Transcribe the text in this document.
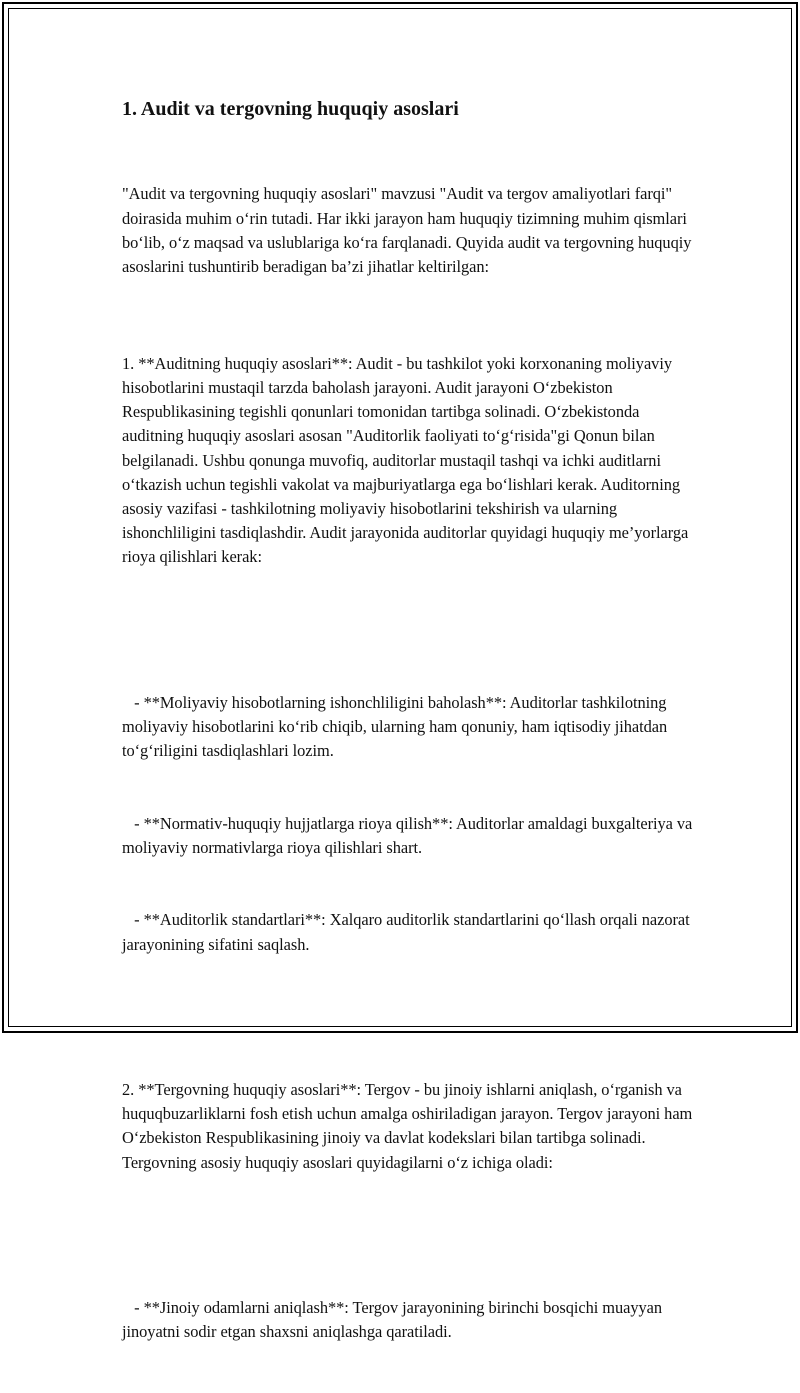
1. Audit va tergovning huquqiy asoslari

"Audit va tergovning huquqiy asoslari" mavzusi "Audit va tergov amaliyotlari farqi" doirasida muhim o‘rin tutadi. Har ikki jarayon ham huquqiy tizimning muhim qismlari bo‘lib, o‘z maqsad va uslublariga ko‘ra farqlanadi. Quyida audit va tergovning huquqiy asoslarini tushuntirib beradigan ba’zi jihatlar keltirilgan:

1. **Auditning huquqiy asoslari**: Audit - bu tashkilot yoki korxonaning moliyaviy hisobotlarini mustaqil tarzda baholash jarayoni. Audit jarayoni O‘zbekiston Respublikasining tegishli qonunlari tomonidan tartibga solinadi. O‘zbekistonda auditning huquqiy asoslari asosan "Auditorlik faoliyati to‘g‘risida"gi Qonun bilan belgilanadi. Ushbu qonunga muvofiq, auditorlar mustaqil tashqi va ichki auditlarni o‘tkazish uchun tegishli vakolat va majburiyatlarga ega bo‘lishlari kerak. Auditorning asosiy vazifasi - tashkilotning moliyaviy hisobotlarini tekshirish va ularning ishonchliligini tasdiqlashdir. Audit jarayonida auditorlar quyidagi huquqiy me’yorlarga rioya qilishlari kerak:

- **Moliyaviy hisobotlarning ishonchliligini baholash**: Auditorlar tashkilotning moliyaviy hisobotlarini ko‘rib chiqib, ularning ham qonuniy, ham iqtisodiy jihatdan to‘g‘riligini tasdiqlashlari lozim.

- **Normativ-huquqiy hujjatlarga rioya qilish**: Auditorlar amaldagi buxgalteriya va moliyaviy normativlarga rioya qilishlari shart.

- **Auditorlik standartlari**: Xalqaro auditorlik standartlarini qo‘llash orqali nazorat jarayonining sifatini saqlash.

2. **Tergovning huquqiy asoslari**: Tergov - bu jinoiy ishlarni aniqlash, o‘rganish va huquqbuzarliklarni fosh etish uchun amalga oshiriladigan jarayon. Tergov jarayoni ham O‘zbekiston Respublikasining jinoiy va davlat kodekslari bilan tartibga solinadi. Tergovning asosiy huquqiy asoslari quyidagilarni o‘z ichiga oladi:

- **Jinoiy odamlarni aniqlash**: Tergov jarayonining birinchi bosqichi muayyan jinoyatni sodir etgan shaxsni aniqlashga qaratiladi.
